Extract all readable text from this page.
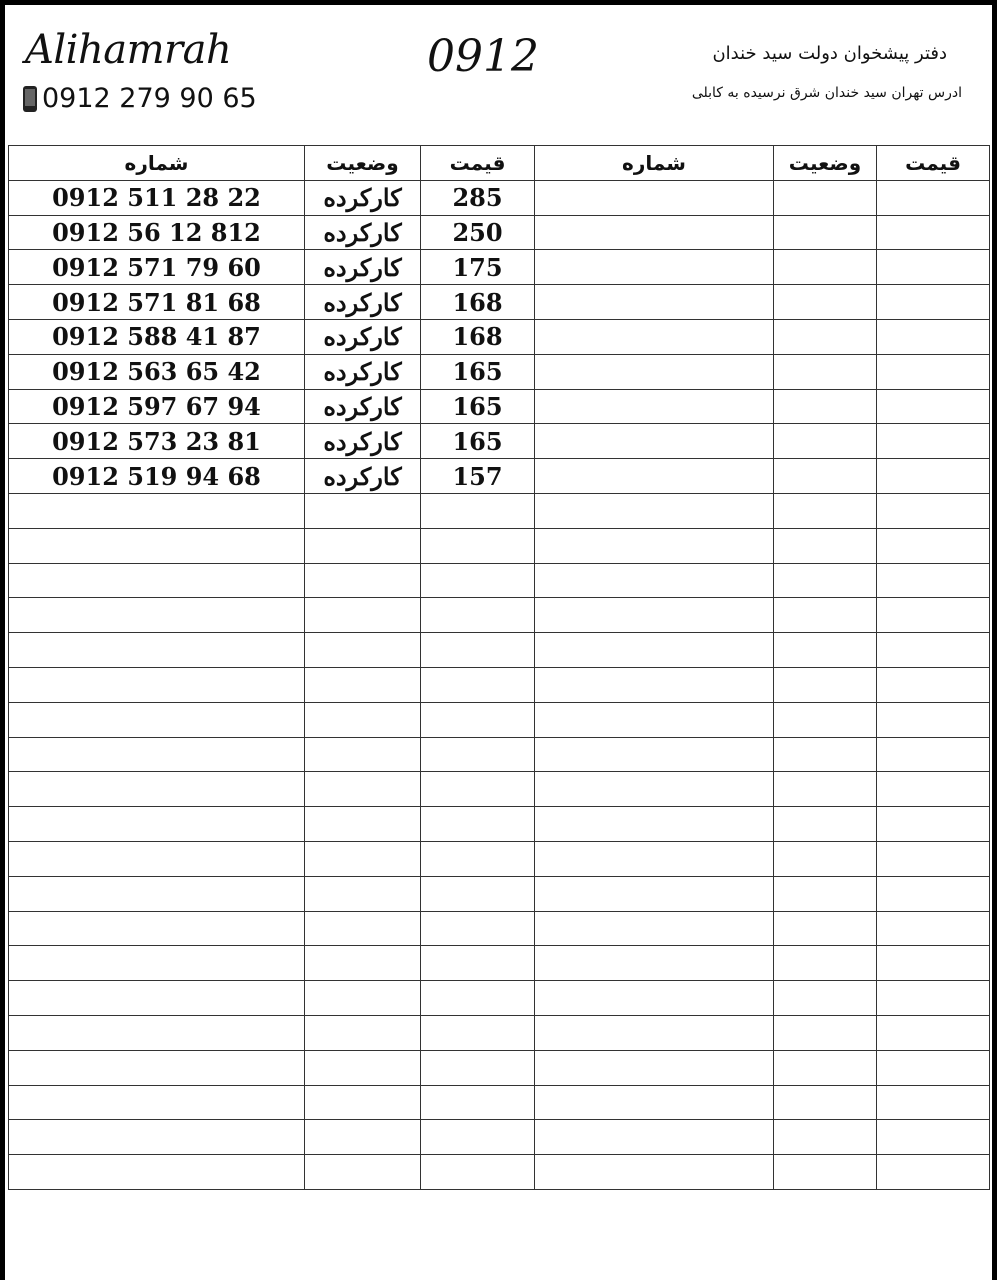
Alihamrah
0912 279 90 65
0912	دفتر پیشخوان دولت سید خندان
ادرس تهران سید خندان شرق نرسیده به کابلی
شماره	وضعیت	قیمت	شماره	وضعیت	قیمت
0912 511 28 22	کارکرده	285			
0912 56 12 812	کارکرده	250			
0912 571 79 60	کارکرده	175			
0912 571 81 68	کارکرده	168			
0912 588 41 87	کارکرده	168			
0912 563 65 42	کارکرده	165			
0912 597 67 94	کارکرده	165			
0912 573 23 81	کارکرده	165			
0912 519 94 68	کارکرده	157			
